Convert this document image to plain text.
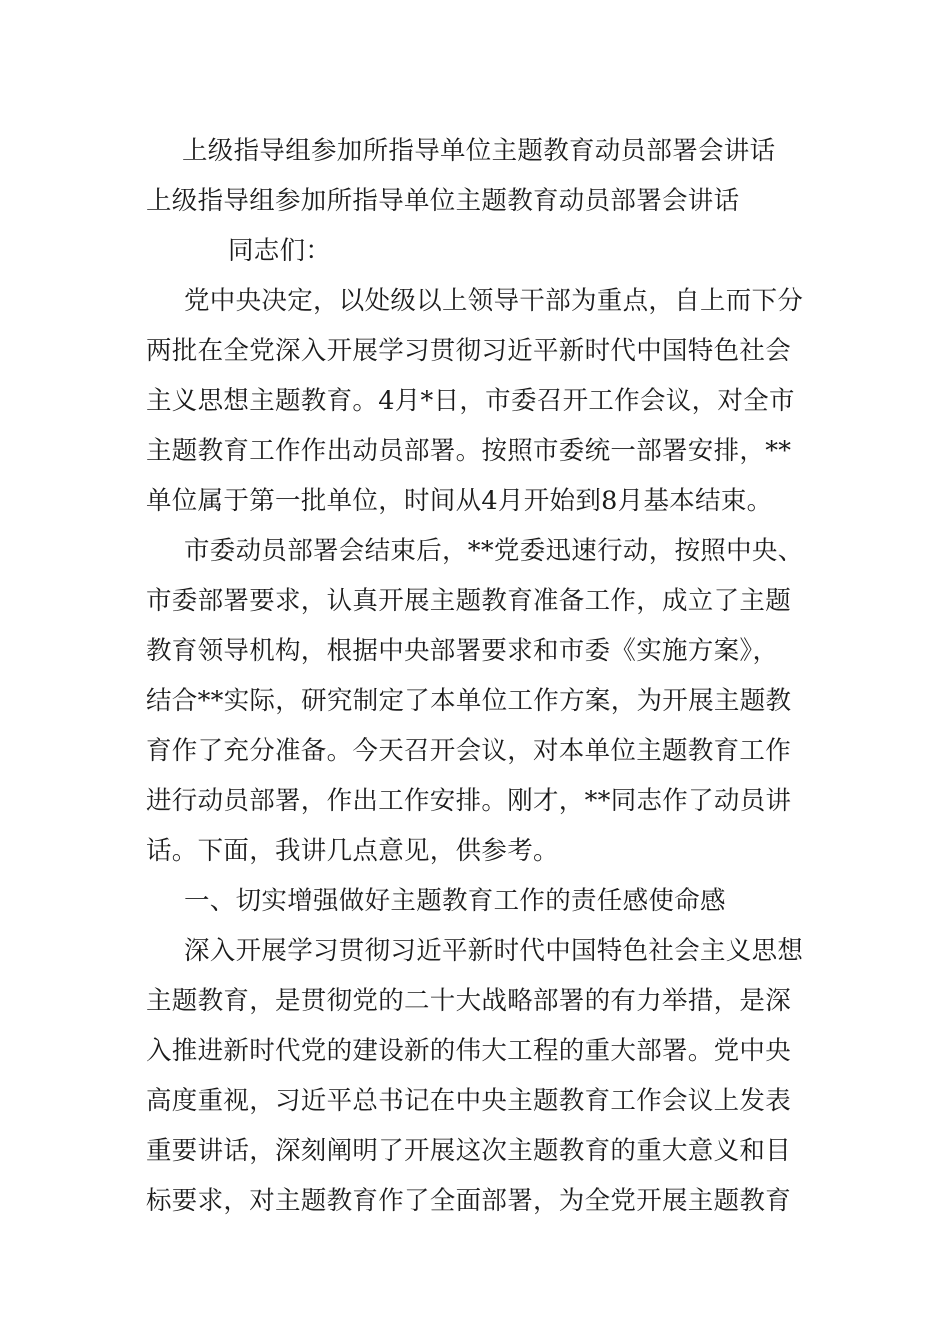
上级指导组参加所指导单位主题教育动员部署会讲话
上级指导组参加所指导单位主题教育动员部署会讲话
同志们：
党中央决定，以处级以上领导干部为重点，自上而下分
两批在全党深入开展学习贯彻习近平新时代中国特色社会
主义思想主题教育。4月*日，市委召开工作会议，对全市
主题教育工作作出动员部署。按照市委统一部署安排，**
单位属于第一批单位，时间从4月开始到8月基本结束。
市委动员部署会结束后，**党委迅速行动，按照中央、
市委部署要求，认真开展主题教育准备工作，成立了主题
教育领导机构，根据中央部署要求和市委《实施方案》，
结合**实际，研究制定了本单位工作方案，为开展主题教
育作了充分准备。今天召开会议，对本单位主题教育工作
进行动员部署，作出工作安排。刚才，**同志作了动员讲
话。下面，我讲几点意见，供参考。
一、切实增强做好主题教育工作的责任感使命感
深入开展学习贯彻习近平新时代中国特色社会主义思想
主题教育，是贯彻党的二十大战略部署的有力举措，是深
入推进新时代党的建设新的伟大工程的重大部署。党中央
高度重视，习近平总书记在中央主题教育工作会议上发表
重要讲话，深刻阐明了开展这次主题教育的重大意义和目
标要求，对主题教育作了全面部署，为全党开展主题教育
